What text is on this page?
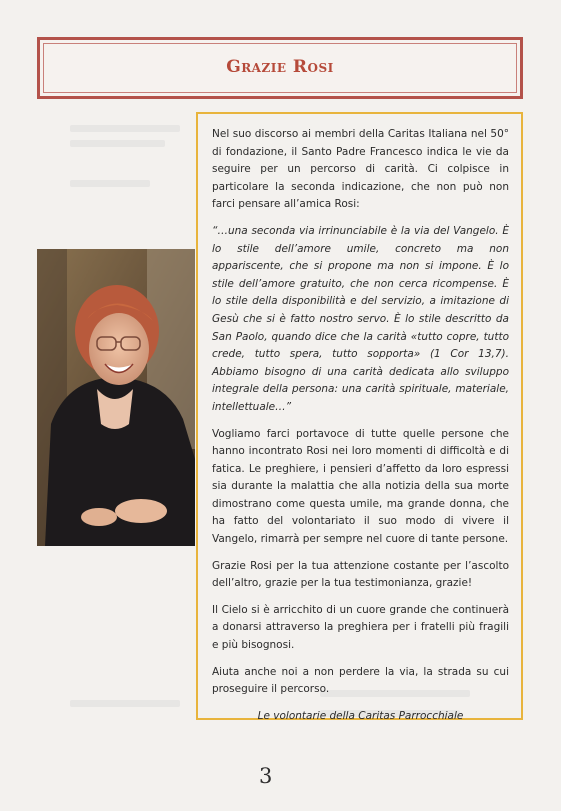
Grazie Rosi

Nel suo discorso ai membri della Caritas Italiana nel 50° di fondazione, il Santo Padre Francesco indica le vie da seguire per un percorso di carità. Ci colpisce in particolare la seconda indicazione, che non può non farci pensare all’amica Rosi:

“…una seconda via irrinunciabile è la via del Vangelo. È lo stile dell’amore umile, concreto ma non appariscente, che si propone ma non si impone. È lo stile dell’amore gratuito, che non cerca ricompense. È lo stile della disponibilità e del servizio, a imitazione di Gesù che si è fatto nostro servo. È lo stile descritto da San Paolo, quando dice che la carità «tutto copre, tutto crede, tutto spera, tutto sopporta» (1 Cor 13,7). Abbiamo bisogno di una carità dedicata allo sviluppo integrale della persona: una carità spirituale, materiale, intellettuale…”

Vogliamo farci portavoce di tutte quelle persone che hanno incontrato Rosi nei loro momenti di difficoltà e di fatica. Le preghiere, i pensieri d’affetto da loro espressi sia durante la malattia che alla notizia della sua morte dimostrano come questa umile, ma grande donna, che ha fatto del volontariato il suo modo di vivere il Vangelo, rimarrà per sempre nel cuore di tante persone.

Grazie Rosi per la tua attenzione costante per l’ascolto dell’altro, grazie per la tua testimonianza, grazie!

Il Cielo si è arricchito di un cuore grande che continuerà a donarsi attraverso la preghiera per i fratelli più fragili e più bisognosi.

Aiuta anche noi a non perdere la via, la strada su cui proseguire il percorso.

Le volontarie della Caritas Parrocchiale

3
